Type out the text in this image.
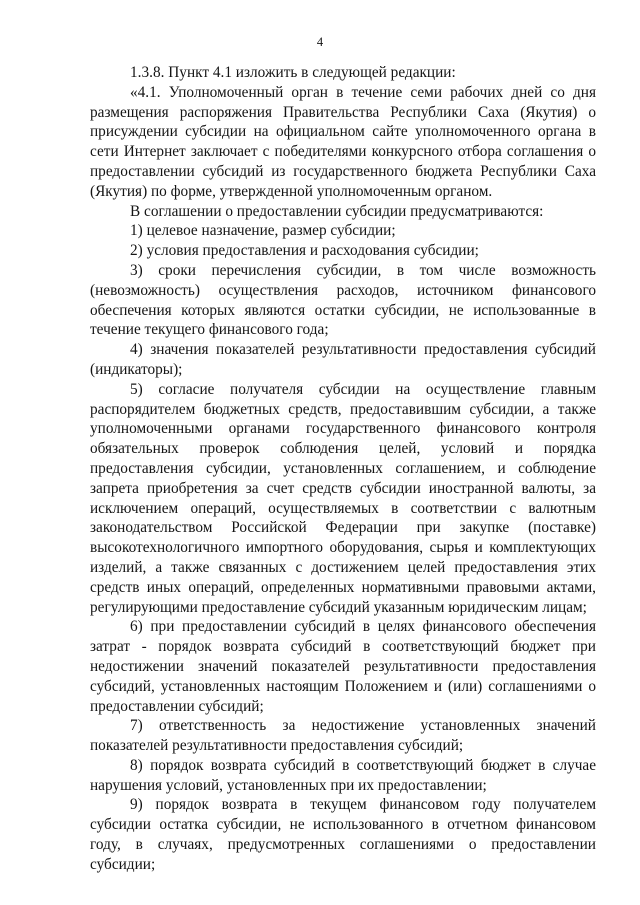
4

1.3.8. Пункт 4.1 изложить в следующей редакции:

«4.1. Уполномоченный орган в течение семи рабочих дней со дня размещения распоряжения Правительства Республики Саха (Якутия) о присуждении субсидии на официальном сайте уполномоченного органа в сети Интернет заключает с победителями конкурсного отбора соглашения о предоставлении субсидий из государственного бюджета Республики Саха (Якутия) по форме, утвержденной уполномоченным органом.

В соглашении о предоставлении субсидии предусматриваются:

1) целевое назначение, размер субсидии;

2) условия предоставления и расходования субсидии;

3) сроки перечисления субсидии, в том числе возможность (невозможность) осуществления расходов, источником финансового обеспечения которых являются остатки субсидии, не использованные в течение текущего финансового года;

4) значения показателей результативности предоставления субсидий (индикаторы);

5) согласие получателя субсидии на осуществление главным распорядителем бюджетных средств, предоставившим субсидии, а также уполномоченными органами государственного финансового контроля обязательных проверок соблюдения целей, условий и порядка предоставления субсидии, установленных соглашением, и соблюдение запрета приобретения за счет средств субсидии иностранной валюты, за исключением операций, осуществляемых в соответствии с валютным законодательством Российской Федерации при закупке (поставке) высокотехнологичного импортного оборудования, сырья и комплектующих изделий, а также связанных с достижением целей предоставления этих средств иных операций, определенных нормативными правовыми актами, регулирующими предоставление субсидий указанным юридическим лицам;

6) при предоставлении субсидий в целях финансового обеспечения затрат - порядок возврата субсидий в соответствующий бюджет при недостижении значений показателей результативности предоставления субсидий, установленных настоящим Положением и (или) соглашениями о предоставлении субсидий;

7) ответственность за недостижение установленных значений показателей результативности предоставления субсидий;

8) порядок возврата субсидий в соответствующий бюджет в случае нарушения условий, установленных при их предоставлении;

9) порядок возврата в текущем финансовом году получателем субсидии остатка субсидии, не использованного в отчетном финансовом году, в случаях, предусмотренных соглашениями о предоставлении субсидии;
